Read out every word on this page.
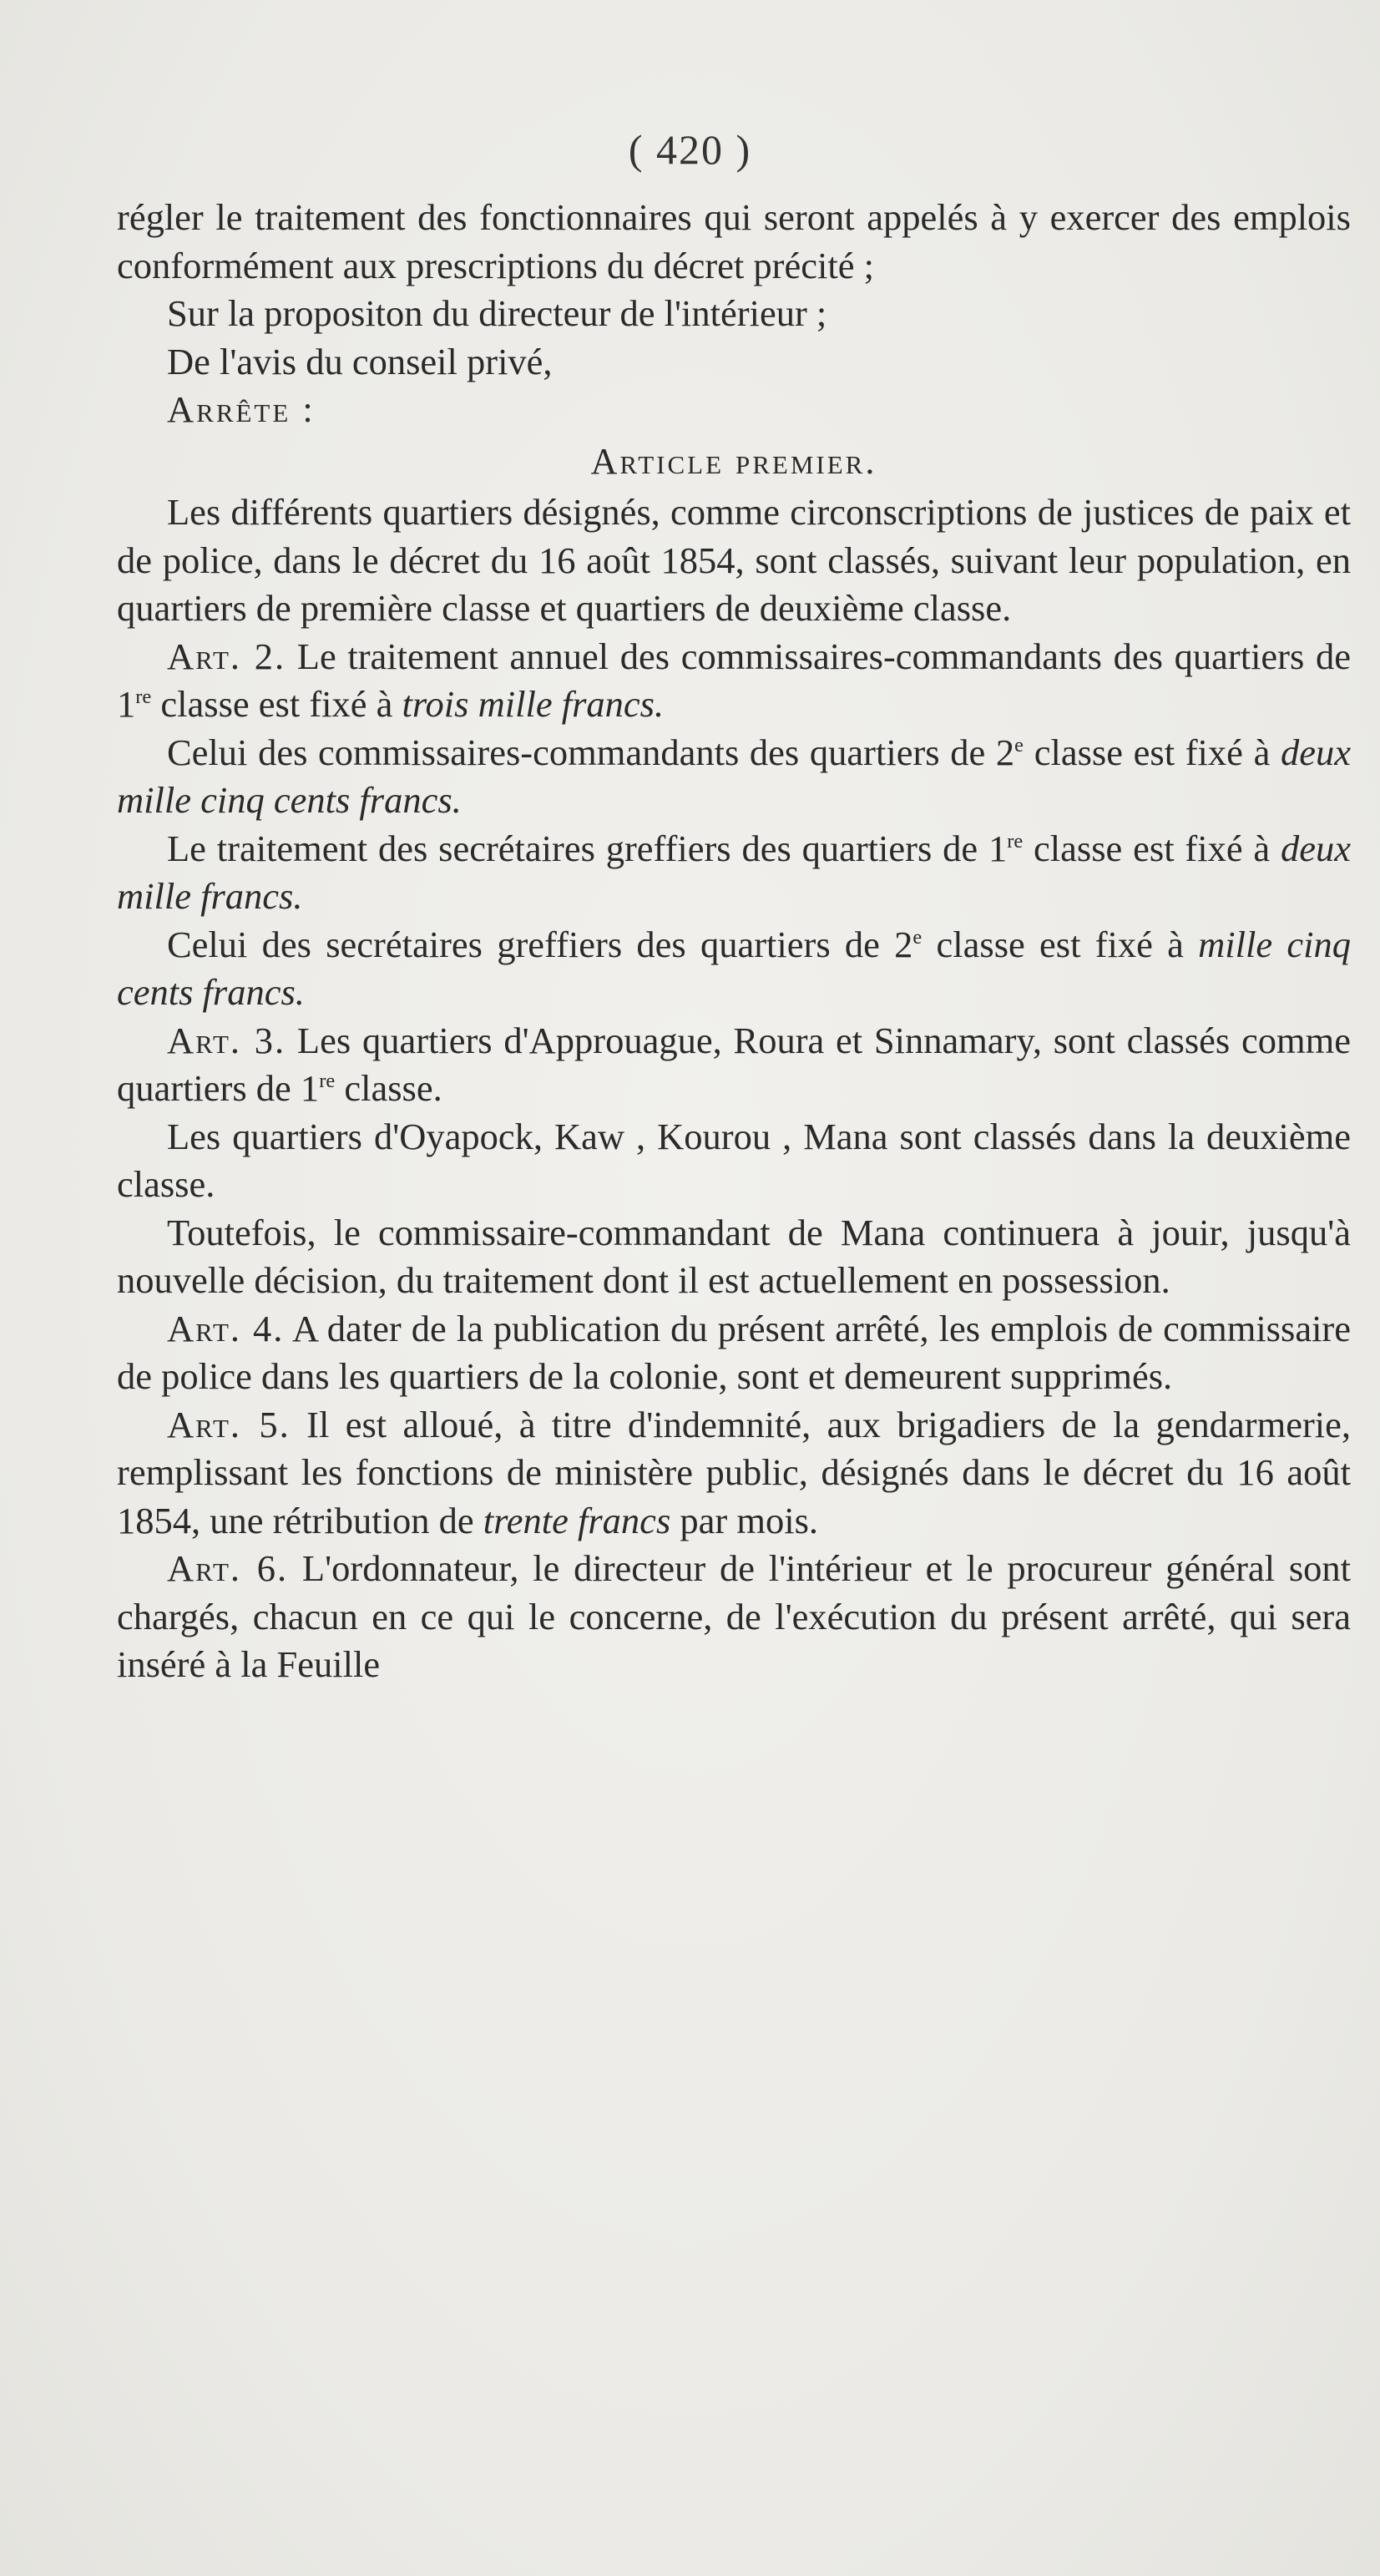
( 420 )

régler le traitement des fonctionnaires qui seront appelés à y exercer des emplois conformément aux prescriptions du décret précité ;

Sur la propositon du directeur de l'intérieur ;

De l'avis du conseil privé,

Arrête :

Article premier.

Les différents quartiers désignés, comme circonscriptions de justices de paix et de police, dans le décret du 16 août 1854, sont classés, suivant leur population, en quartiers de première classe et quartiers de deuxième classe.

Art. 2. Le traitement annuel des commissaires-commandants des quartiers de 1re classe est fixé à trois mille francs.

Celui des commissaires-commandants des quartiers de 2e classe est fixé à deux mille cinq cents francs.

Le traitement des secrétaires greffiers des quartiers de 1re classe est fixé à deux mille francs.

Celui des secrétaires greffiers des quartiers de 2e classe est fixé à mille cinq cents francs.

Art. 3. Les quartiers d'Approuague, Roura et Sinnamary, sont classés comme quartiers de 1re classe.

Les quartiers d'Oyapock, Kaw , Kourou , Mana sont classés dans la deuxième classe.

Toutefois, le commissaire-commandant de Mana continuera à jouir, jusqu'à nouvelle décision, du traitement dont il est actuellement en possession.

Art. 4. A dater de la publication du présent arrêté, les emplois de commissaire de police dans les quartiers de la colonie, sont et demeurent supprimés.

Art. 5. Il est alloué, à titre d'indemnité, aux brigadiers de la gendarmerie, remplissant les fonctions de ministère public, désignés dans le décret du 16 août 1854, une rétribution de trente francs par mois.

Art. 6. L'ordonnateur, le directeur de l'intérieur et le procureur général sont chargés, chacun en ce qui le concerne, de l'exécution du présent arrêté, qui sera inséré à la Feuille
